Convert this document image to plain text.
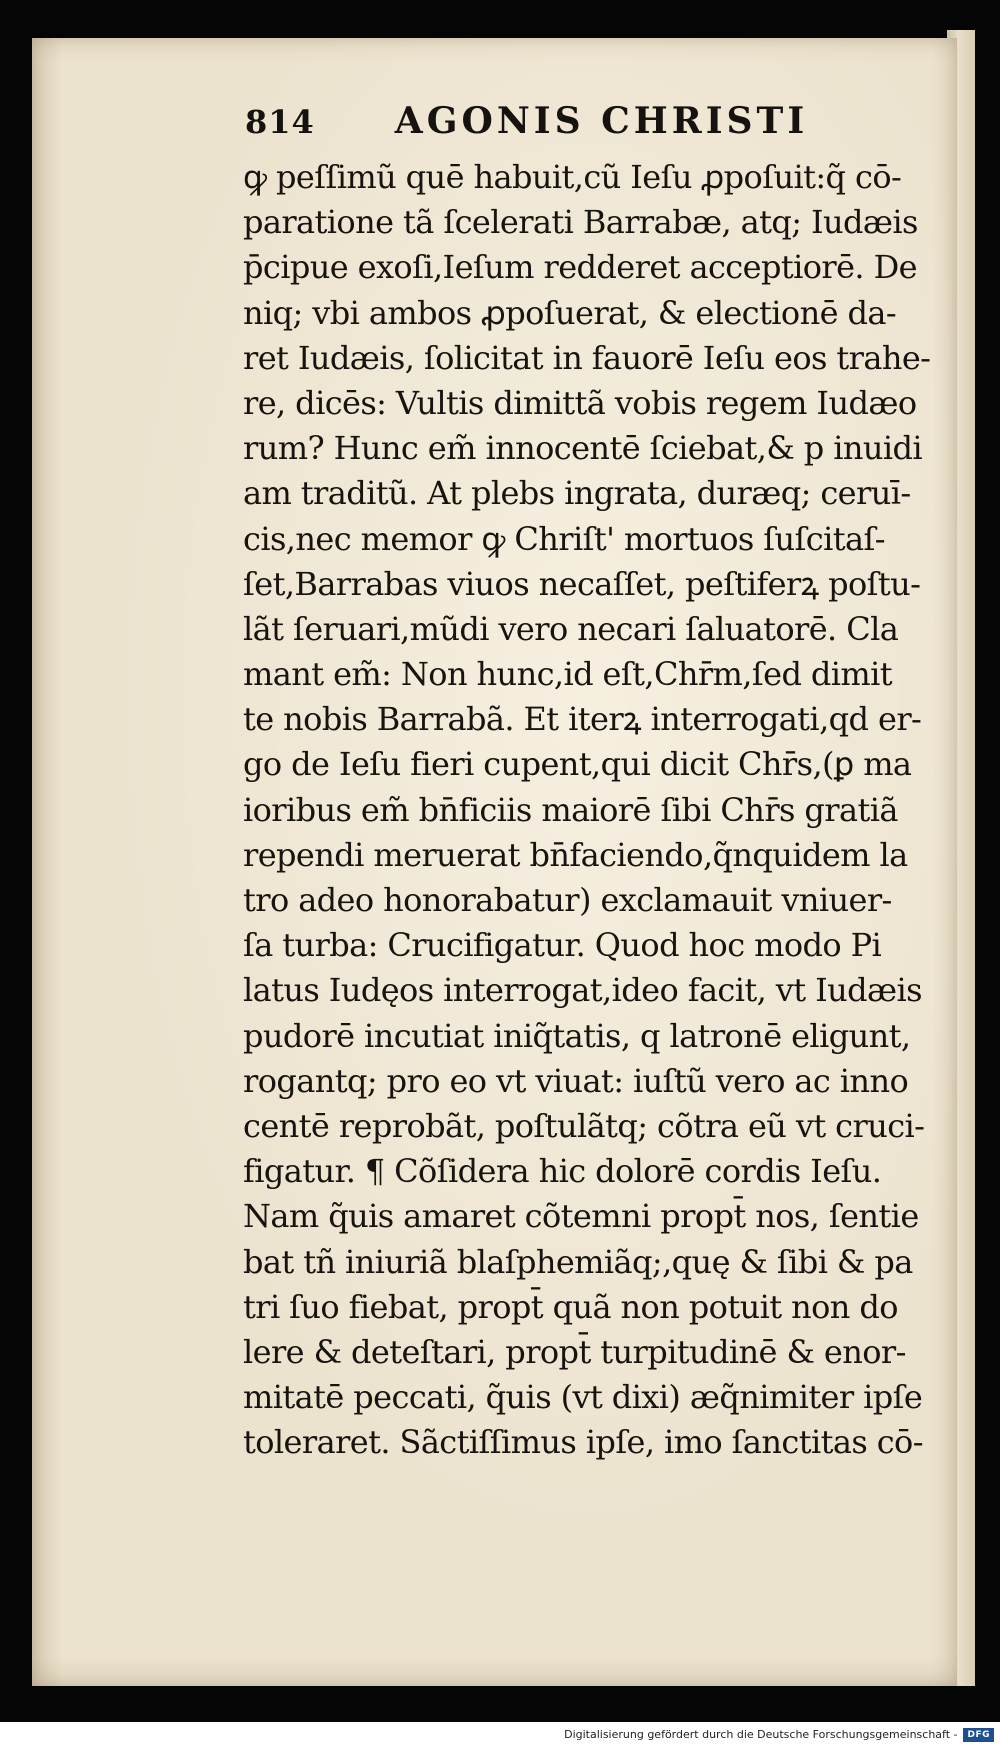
814 AGONIS CHRISTI
ꝙ peſſimũ quē habuit,cũ Ieſu ꝓpoſuit:q̃ cō-
paratione tã ſcelerati Barrabæ, atq; Iudæis
p̄cipue exoſi,Ieſum redderet acceptiorē. De
niq; vbi ambos ꝓpoſuerat, & electionē da-
ret Iudæis, ſolicitat in fauorē Ieſu eos trahe-
re, dicēs: Vultis dimittã vobis regem Iudæo
rum? Hunc em̃ innocentē ſciebat,& p inuidi
am traditũ. At plebs ingrata, duræq; ceruī-
cis,nec memor ꝙ Chriſt' mortuos ſuſcitaſ-
ſet,Barrabas viuos necaſſet, peſtiferꝝ poſtu-
lãt ſeruari,mũdi vero necari ſaluatorē. Cla
mant em̃: Non hunc,id eſt,Chr̄m,ſed dimit
te nobis Barrabã. Et iterꝝ interrogati,qd er-
go de Ieſu fieri cupent,qui dicit Chr̄s,(ꝑ ma
ioribus em̃ bn̄ficiis maiorē ſibi Chr̄s gratiã
rependi meruerat bn̄faciendo,q̃nquidem la
tro adeo honorabatur) exclamauit vniuer-
ſa turba: Crucifigatur. Quod hoc modo Pi
latus Iudęos interrogat,ideo facit, vt Iudæis
pudorē incutiat iniq̃tatis, q latronē eligunt,
rogantq; pro eo vt viuat: iuſtũ vero ac inno
centē reprobãt, poſtulãtq; cõtra eũ vt cruci-
figatur. ¶ Cõſidera hic dolorē cordis Ieſu.
Nam q̃uis amaret cõtemni propt̄ nos, ſentie
bat tñ iniuriã blaſphemiãq;,quę & ſibi & pa
tri ſuo fiebat, propt̄ quã non potuit non do
lere & deteſtari, propt̄ turpitudinē & enor-
mitatē peccati, q̃uis (vt dixi) æq̃nimiter ipſe
toleraret. Sãctiſſimus ipſe, imo ſanctitas cō-
Digitalisierung gefördert durch die Deutsche Forschungsgemeinschaft -	DFG
